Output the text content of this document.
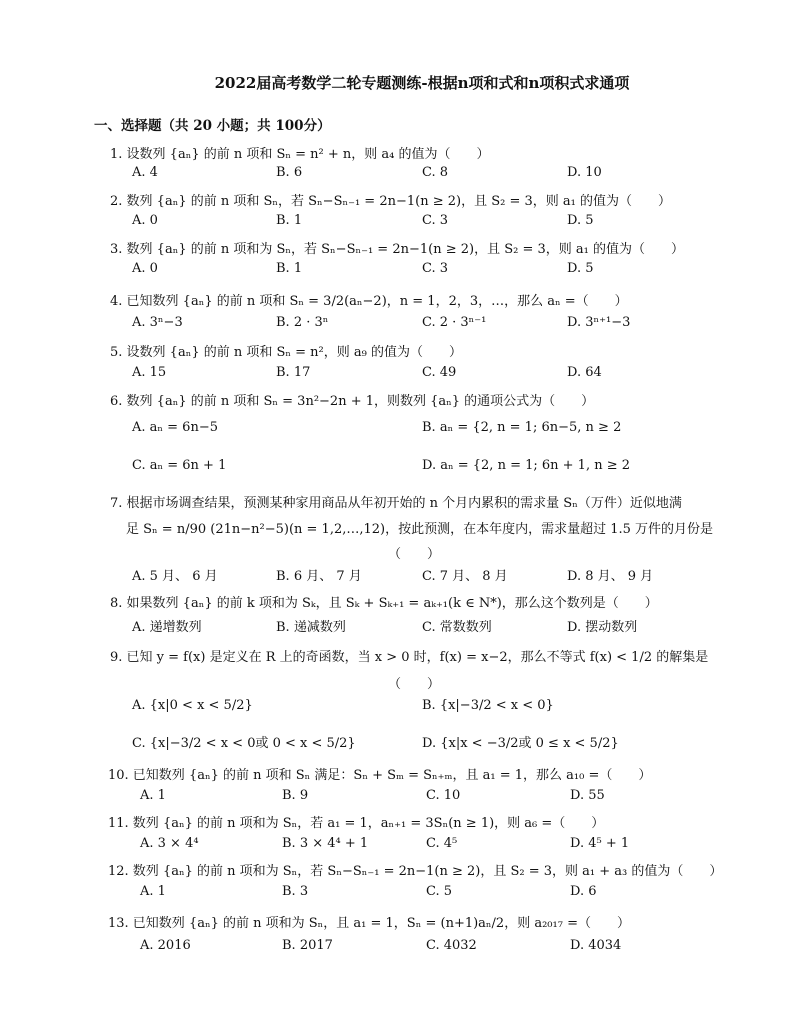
2022届高考数学二轮专题测练-根据n项和式和n项积式求通项
一、选择题（共 20 小题；共 100分）
1. 设数列 {aₙ} 的前 n 项和 Sₙ = n² + n，则 a₄ 的值为（　　）
A. 4	B. 6	C. 8	D. 10
2. 数列 {aₙ} 的前 n 项和 Sₙ，若 Sₙ−Sₙ₋₁ = 2n−1(n ≥ 2)，且 S₂ = 3，则 a₁ 的值为（　　）
A. 0	B. 1	C. 3	D. 5
3. 数列 {aₙ} 的前 n 项和为 Sₙ，若 Sₙ−Sₙ₋₁ = 2n−1(n ≥ 2)，且 S₂ = 3，则 a₁ 的值为（　　）
A. 0	B. 1	C. 3	D. 5
4. 已知数列 {aₙ} 的前 n 项和 Sₙ = 3/2(aₙ−2)，n = 1，2，3，…，那么 aₙ =（　　）
A. 3ⁿ−3	B. 2 · 3ⁿ	C. 2 · 3ⁿ⁻¹	D. 3ⁿ⁺¹−3
5. 设数列 {aₙ} 的前 n 项和 Sₙ = n²，则 a₉ 的值为（　　）
A. 15	B. 17	C. 49	D. 64
6. 数列 {aₙ} 的前 n 项和 Sₙ = 3n²−2n + 1，则数列 {aₙ} 的通项公式为（　　）
A. aₙ = 6n−5	B. aₙ = {2, n = 1; 6n−5, n ≥ 2
C. aₙ = 6n + 1	D. aₙ = {2, n = 1; 6n + 1, n ≥ 2
7. 根据市场调查结果，预测某种家用商品从年初开始的 n 个月内累积的需求量 Sₙ（万件）近似地满
足 Sₙ = n/90 (21n−n²−5)(n = 1,2,…,12)，按此预测，在本年度内，需求量超过 1.5 万件的月份是
（　　）
A. 5 月、 6 月	B. 6 月、 7 月	C. 7 月、 8 月	D. 8 月、 9 月
8. 如果数列 {aₙ} 的前 k 项和为 Sₖ，且 Sₖ + Sₖ₊₁ = aₖ₊₁(k ∈ N*)，那么这个数列是（　　）
A. 递增数列	B. 递减数列	C. 常数数列	D. 摆动数列
9. 已知 y = f(x) 是定义在 R 上的奇函数，当 x > 0 时，f(x) = x−2，那么不等式 f(x) < 1/2 的解集是
（　　）
A. {x|0 < x < 5/2}	B. {x|−3/2 < x < 0}
C. {x|−3/2 < x < 0或 0 < x < 5/2}	D. {x|x < −3/2或 0 ≤ x < 5/2}
10. 已知数列 {aₙ} 的前 n 项和 Sₙ 满足：Sₙ + Sₘ = Sₙ₊ₘ，且 a₁ = 1，那么 a₁₀ =（　　）
A. 1	B. 9	C. 10	D. 55
11. 数列 {aₙ} 的前 n 项和为 Sₙ，若 a₁ = 1，aₙ₊₁ = 3Sₙ(n ≥ 1)，则 a₆ =（　　）
A. 3 × 4⁴	B. 3 × 4⁴ + 1	C. 4⁵	D. 4⁵ + 1
12. 数列 {aₙ} 的前 n 项和为 Sₙ，若 Sₙ−Sₙ₋₁ = 2n−1(n ≥ 2)，且 S₂ = 3，则 a₁ + a₃ 的值为（　　）
A. 1	B. 3	C. 5	D. 6
13. 已知数列 {aₙ} 的前 n 项和为 Sₙ，且 a₁ = 1，Sₙ = (n+1)aₙ/2，则 a₂₀₁₇ =（　　）
A. 2016	B. 2017	C. 4032	D. 4034
